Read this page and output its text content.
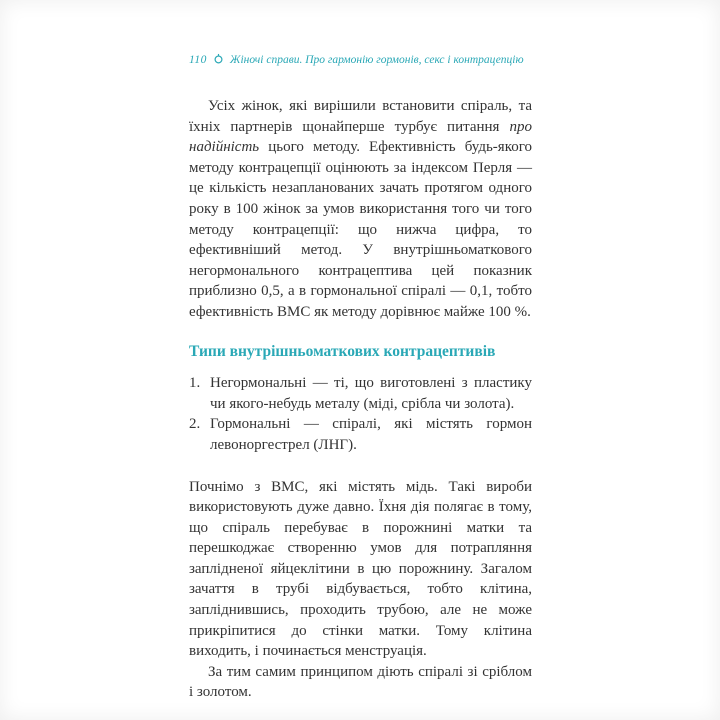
110 Жіночі справи. Про гармонію гормонів, секс і контрацепцію

Усіх жінок, які вирішили встановити спіраль, та їхніх партнерів щонайперше турбує питання про надійність цього методу. Ефективність будь-якого методу контрацепції оцінюють за індексом Перля — це кількість незапланованих зачать протягом одного року в 100 жінок за умов використання того чи того методу контрацепції: що нижча цифра, то ефективніший метод. У внутрішньоматкового негормонального контрацептива цей показник приблизно 0,5, а в гормональної спіралі — 0,1, тобто ефективність ВМС як методу дорівнює майже 100 %.

Типи внутрішньоматкових контрацептивів
1. Негормональні — ті, що виготовлені з пластику чи якого-небудь металу (міді, срібла чи золота).
2. Гормональні — спіралі, які містять гормон левоноргестрел (ЛНГ).

Почнімо з ВМС, які містять мідь. Такі вироби використовують дуже давно. Їхня дія полягає в тому, що спіраль перебуває в порожнині матки та перешкоджає створенню умов для потрапляння заплідненої яйцеклітини в цю порожнину. Загалом зачаття в трубі відбувається, тобто клітина, запліднившись, проходить трубою, але не може прикріпитися до стінки матки. Тому клітина виходить, і починається менструація.

За тим самим принципом діють спіралі зі сріблом і золотом.
